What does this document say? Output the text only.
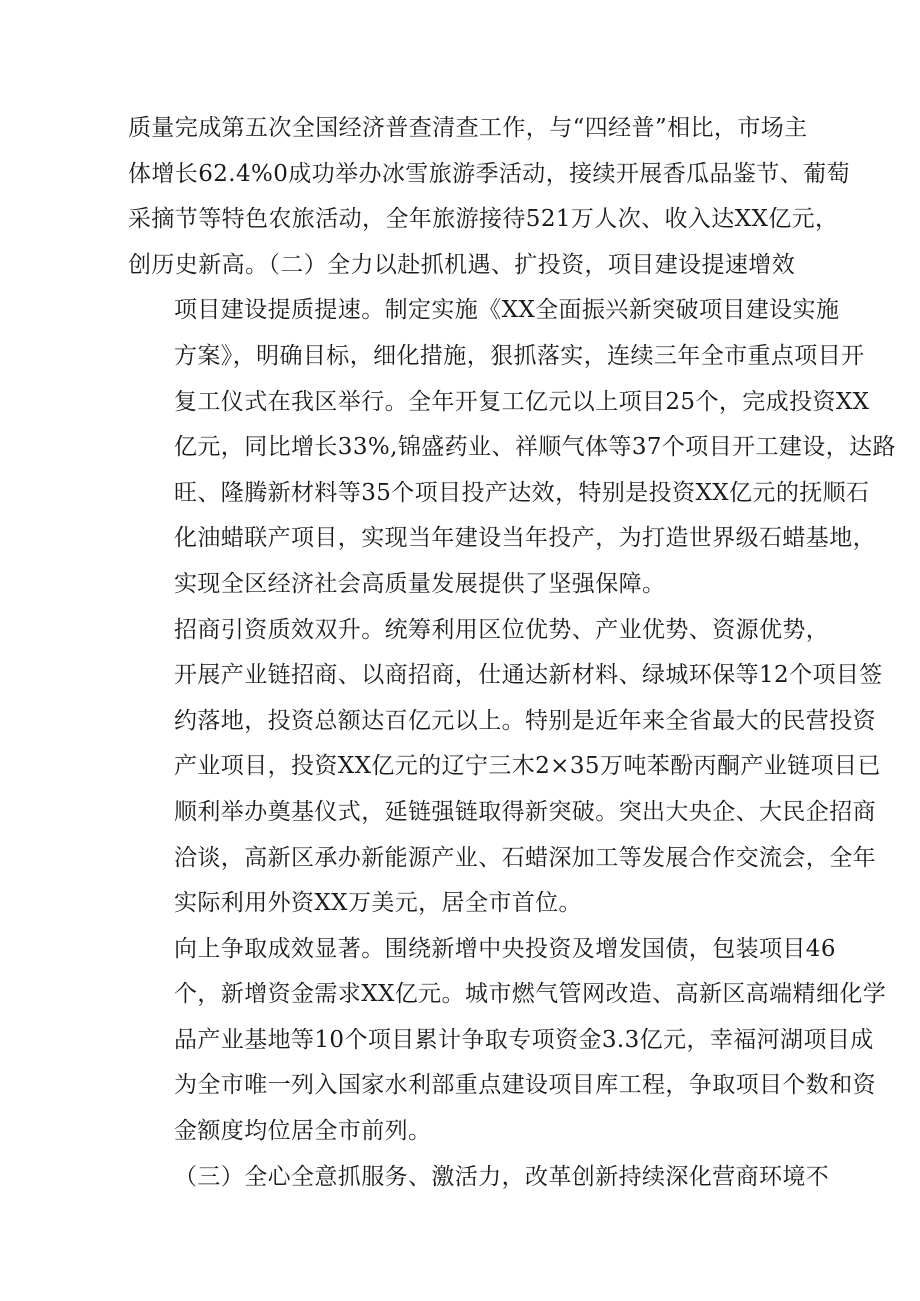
质量完成第五次全国经济普查清查工作，与“四经普”相比，市场主
体增长62.4%0成功举办冰雪旅游季活动，接续开展香瓜品鉴节、葡萄
采摘节等特色农旅活动，全年旅游接待521万人次、收入达XX亿元，
创历史新高。（二）全力以赴抓机遇、扩投资，项目建设提速增效

项目建设提质提速。制定实施《XX全面振兴新突破项目建设实施
方案》，明确目标，细化措施，狠抓落实，连续三年全市重点项目开
复工仪式在我区举行。全年开复工亿元以上项目25个，完成投资XX
亿元，同比增长33%,锦盛药业、祥顺气体等37个项目开工建设，达路
旺、隆腾新材料等35个项目投产达效，特别是投资XX亿元的抚顺石
化油蜡联产项目，实现当年建设当年投产，为打造世界级石蜡基地，
实现全区经济社会高质量发展提供了坚强保障。

招商引资质效双升。统筹利用区位优势、产业优势、资源优势，
开展产业链招商、以商招商，仕通达新材料、绿城环保等12个项目签
约落地，投资总额达百亿元以上。特别是近年来全省最大的民营投资
产业项目，投资XX亿元的辽宁三木2×35万吨苯酚丙酮产业链项目已
顺利举办奠基仪式，延链强链取得新突破。突出大央企、大民企招商
洽谈，高新区承办新能源产业、石蜡深加工等发展合作交流会，全年
实际利用外资XX万美元，居全市首位。

向上争取成效显著。围绕新增中央投资及增发国债，包装项目46
个，新增资金需求XX亿元。城市燃气管网改造、高新区高端精细化学
品产业基地等10个项目累计争取专项资金3.3亿元，幸福河湖项目成
为全市唯一列入国家水利部重点建设项目库工程，争取项目个数和资
金额度均位居全市前列。

（三）全心全意抓服务、激活力，改革创新持续深化营商环境不
